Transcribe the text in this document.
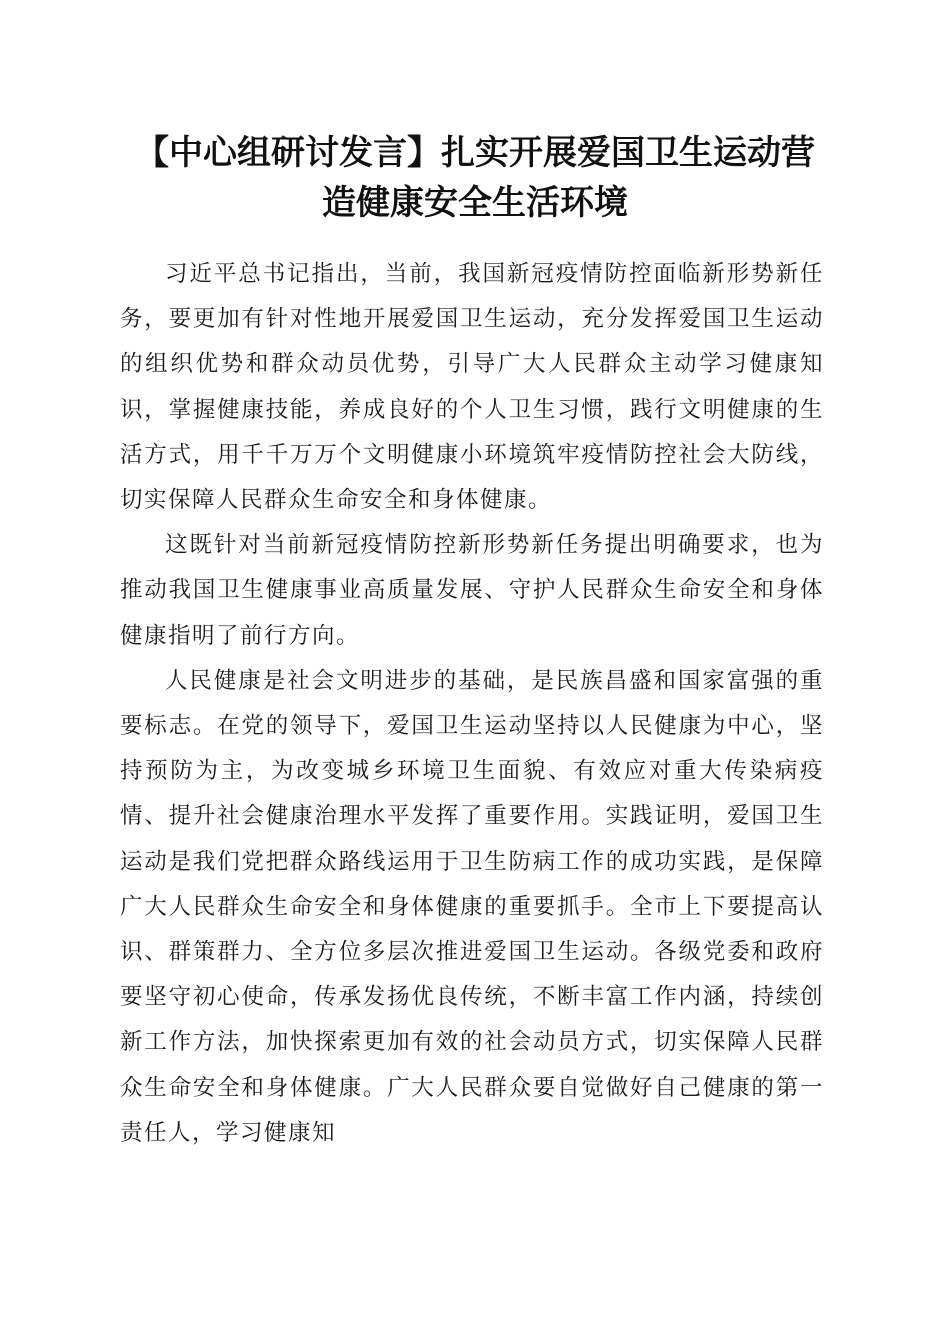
【中心组研讨发言】扎实开展爱国卫生运动营
造健康安全生活环境

习近平总书记指出，当前，我国新冠疫情防控面临新形势新任务，要更加有针对性地开展爱国卫生运动，充分发挥爱国卫生运动的组织优势和群众动员优势，引导广大人民群众主动学习健康知识，掌握健康技能，养成良好的个人卫生习惯，践行文明健康的生活方式，用千千万万个文明健康小环境筑牢疫情防控社会大防线，切实保障人民群众生命安全和身体健康。

这既针对当前新冠疫情防控新形势新任务提出明确要求，也为推动我国卫生健康事业高质量发展、守护人民群众生命安全和身体健康指明了前行方向。

人民健康是社会文明进步的基础，是民族昌盛和国家富强的重要标志。在党的领导下，爱国卫生运动坚持以人民健康为中心，坚持预防为主，为改变城乡环境卫生面貌、有效应对重大传染病疫情、提升社会健康治理水平发挥了重要作用。实践证明，爱国卫生运动是我们党把群众路线运用于卫生防病工作的成功实践，是保障广大人民群众生命安全和身体健康的重要抓手。全市上下要提高认识、群策群力、全方位多层次推进爱国卫生运动。各级党委和政府要坚守初心使命，传承发扬优良传统，不断丰富工作内涵，持续创新工作方法，加快探索更加有效的社会动员方式，切实保障人民群众生命安全和身体健康。广大人民群众要自觉做好自己健康的第一责任人，学习健康知
